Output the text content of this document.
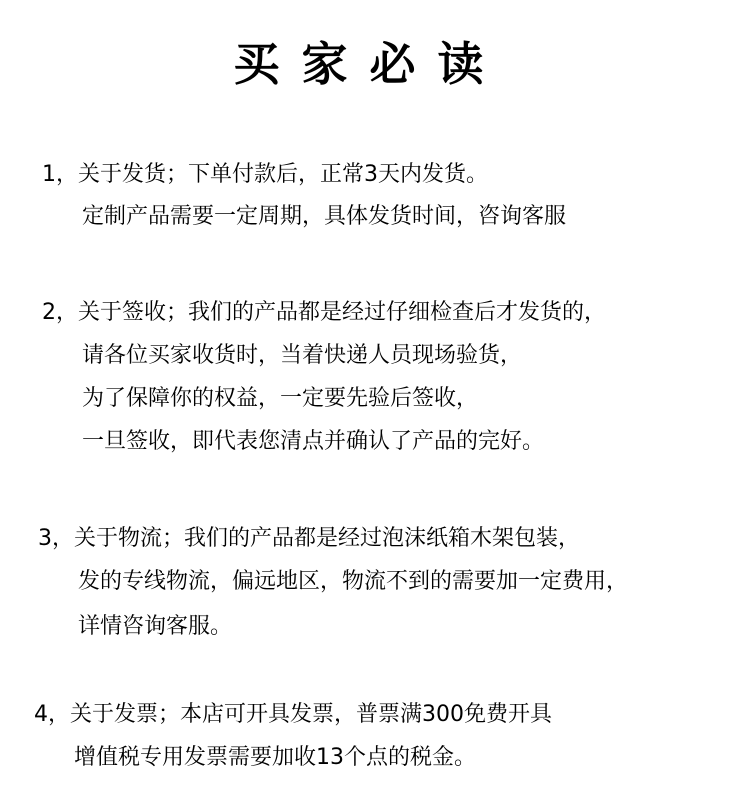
买家必读
1，关于发货；下单付款后，正常3天内发货。
定制产品需要一定周期，具体发货时间，咨询客服
2，关于签收；我们的产品都是经过仔细检查后才发货的，
请各位买家收货时，当着快递人员现场验货，
为了保障你的权益，一定要先验后签收，
一旦签收，即代表您清点并确认了产品的完好。
3，关于物流；我们的产品都是经过泡沫纸箱木架包装，
发的专线物流，偏远地区，物流不到的需要加一定费用，
详情咨询客服。
4，关于发票；本店可开具发票，普票满300免费开具
增值税专用发票需要加收13个点的税金。
